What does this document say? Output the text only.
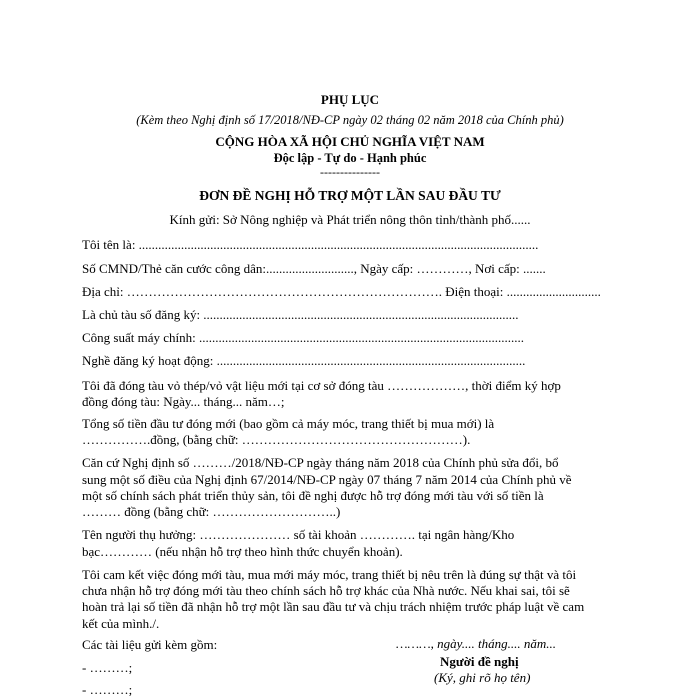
PHỤ LỤC
(Kèm theo Nghị định số 17/2018/NĐ-CP ngày 02 tháng 02 năm 2018 của Chính phủ)
CỘNG HÒA XÃ HỘI CHỦ NGHĨA VIỆT NAM
Độc lập - Tự do - Hạnh phúc
---------------
ĐƠN ĐỀ NGHỊ HỖ TRỢ MỘT LẦN SAU ĐẦU TƯ
Kính gửi: Sở Nông nghiệp và Phát triển nông thôn tỉnh/thành phố......
Tôi tên là: ...........................................................................................................................
Số CMND/Thẻ căn cước công dân:..........................., Ngày cấp: …………, Nơi cấp: .......
Địa chỉ: ………………………………………………………………. Điện thoại: .............................
Là chủ tàu số đăng ký: .................................................................................................
Công suất máy chính: ....................................................................................................
Nghề đăng ký hoạt động: ...............................................................................................
Tôi đã đóng tàu vỏ thép/vỏ vật liệu mới tại cơ sở đóng tàu ………………, thời điểm ký hợp
đồng đóng tàu: Ngày... tháng... năm…;
Tổng số tiền đầu tư đóng mới (bao gồm cả máy móc, trang thiết bị mua mới) là
…………….đồng, (bằng chữ: ……………………………………………).
Căn cứ Nghị định số ………/2018/NĐ-CP ngày tháng năm 2018 của Chính phủ sửa đổi, bổ
sung một số điều của Nghị định 67/2014/NĐ-CP ngày 07 tháng 7 năm 2014 của Chính phủ về
một số chính sách phát triển thủy sản, tôi đề nghị được hỗ trợ đóng mới tàu với số tiền là
……… đồng (bằng chữ: ………………………..)
Tên người thụ hưởng: ………………… số tài khoản …………. tại ngân hàng/Kho
bạc………… (nếu nhận hỗ trợ theo hình thức chuyển khoản).
Tôi cam kết việc đóng mới tàu, mua mới máy móc, trang thiết bị nêu trên là đúng sự thật và tôi
chưa nhận hỗ trợ đóng mới tàu theo chính sách hỗ trợ khác của Nhà nước. Nếu khai sai, tôi sẽ
hoàn trả lại số tiền đã nhận hỗ trợ một lần sau đầu tư và chịu trách nhiệm trước pháp luật về cam
kết của mình./.
Các tài liệu gửi kèm gồm:
- ………;
- ………;
………, ngày.... tháng.... năm...
Người đề nghị
(Ký, ghi rõ họ tên)
